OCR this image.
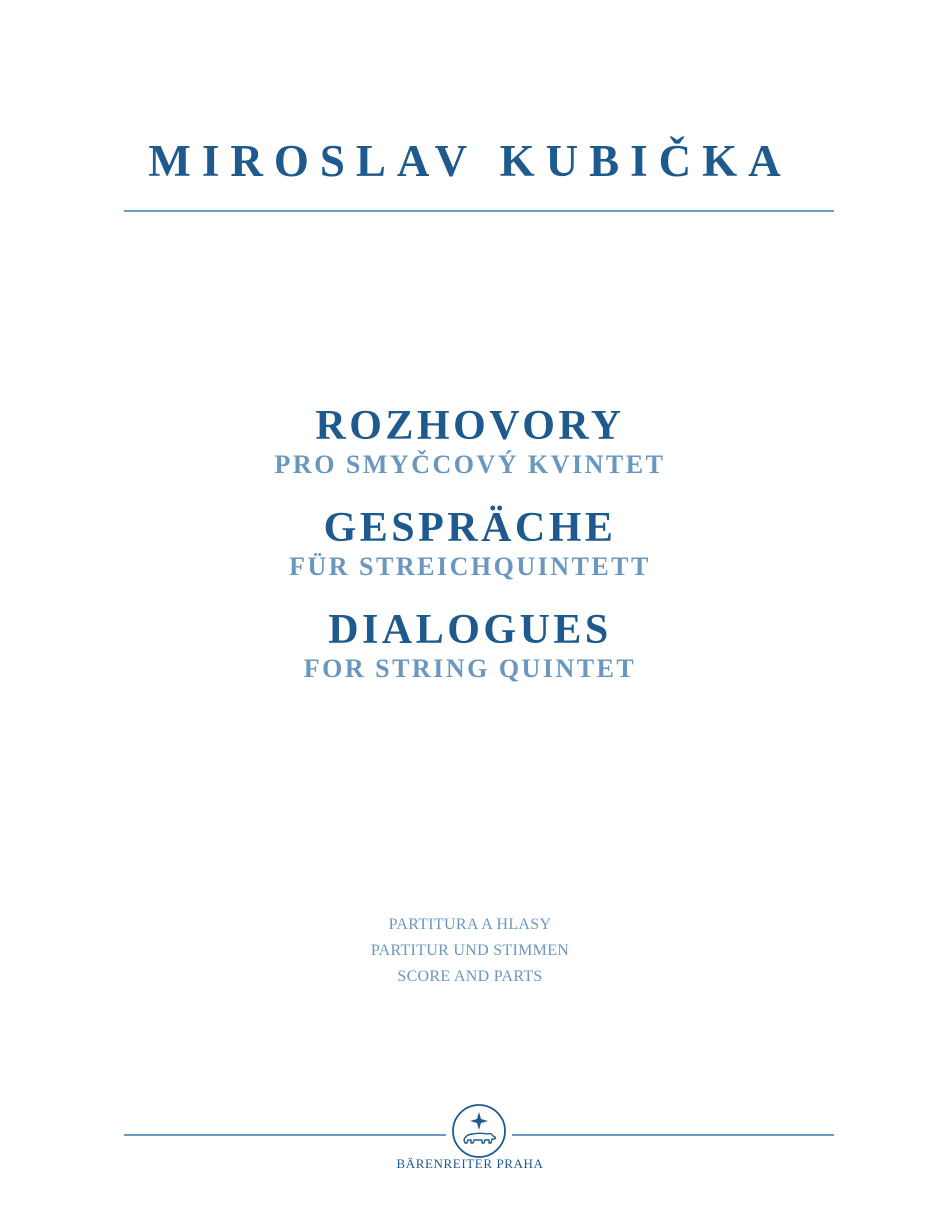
MIROSLAV KUBIČKA
ROZHOVORY
PRO SMYČCOVÝ KVINTET
GESPRÄCHE
FÜR STREICHQUINTETT
DIALOGUES
FOR STRING QUINTET
PARTITURA A HLASY
PARTITUR UND STIMMEN
SCORE AND PARTS
BÄRENREITER PRAHA
